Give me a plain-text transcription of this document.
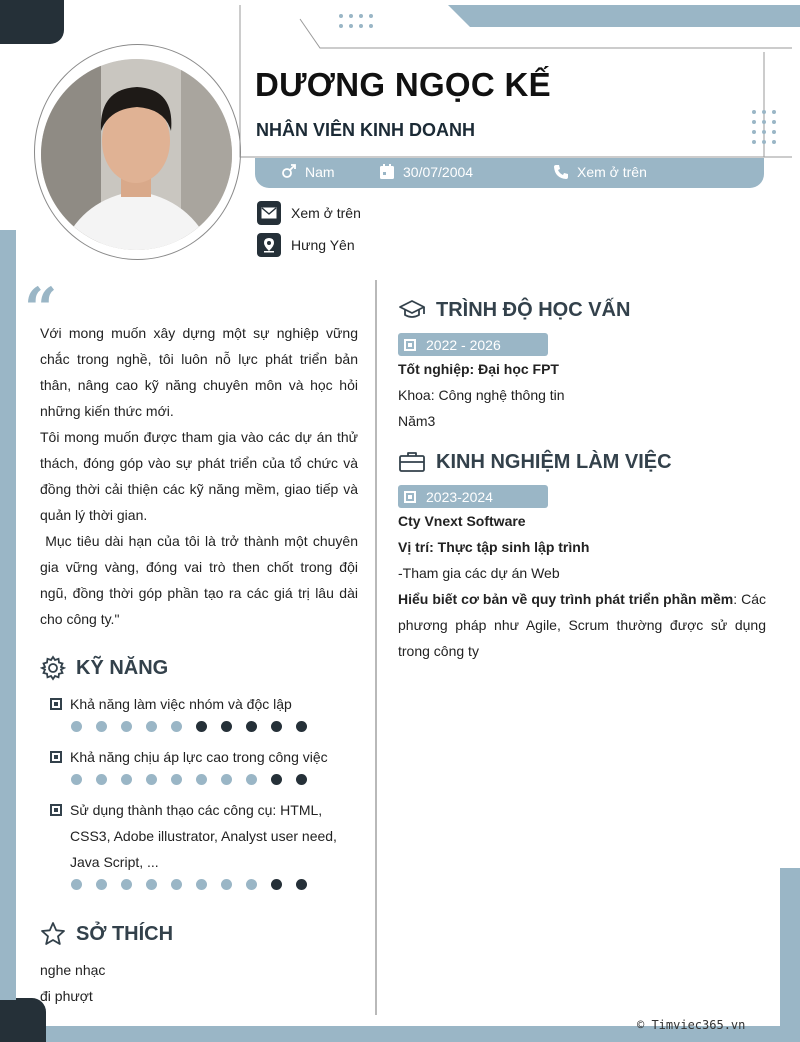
DƯƠNG NGỌC KẾ
NHÂN VIÊN KINH DOANH
Nam	30/07/2004	Xem ở trên
Xem ở trên
Hưng Yên
“

Với mong muốn xây dựng một sự nghiệp vững chắc trong nghề, tôi luôn nỗ lực phát triển bản thân, nâng cao kỹ năng chuyên môn và học hỏi những kiến thức mới.

Tôi mong muốn được tham gia vào các dự án thử thách, đóng góp vào sự phát triển của tổ chức và đồng thời cải thiện các kỹ năng mềm, giao tiếp và quản lý thời gian.

Mục tiêu dài hạn của tôi là trở thành một chuyên gia vững vàng, đóng vai trò then chốt trong đội ngũ, đồng thời góp phần tạo ra các giá trị lâu dài cho công ty."

KỸ NĂNG
Khả năng làm việc nhóm và độc lập
Khả năng chịu áp lực cao trong công việc
Sử dụng thành thạo các công cụ: HTML, CSS3, Adobe illustrator, Analyst user need, Java Script, ...
SỞ THÍCH
nghe nhạc
đi phượt
TRÌNH ĐỘ HỌC VẤN
2022 - 2026
Tốt nghiệp: Đại học FPT
Khoa: Công nghệ thông tin
Năm3
KINH NGHIỆM LÀM VIỆC
2023-2024
Cty Vnext Software
Vị trí: Thực tập sinh lập trình
-Tham gia các dự án Web
Hiểu biết cơ bản về quy trình phát triển phần mềm: Các phương pháp như Agile, Scrum thường được sử dụng trong công ty
© Timviec365.vn
